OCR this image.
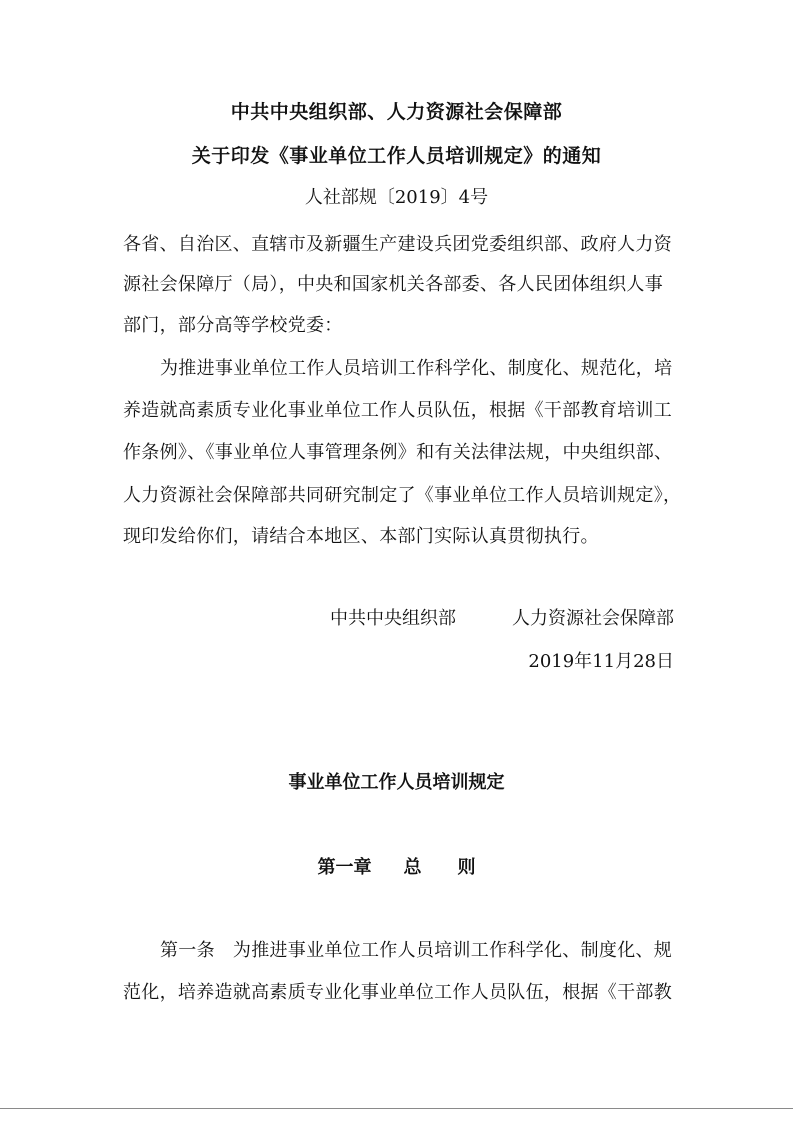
中共中央组织部、人力资源社会保障部
关于印发《事业单位工作人员培训规定》的通知
人社部规〔2019〕4号
各省、自治区、直辖市及新疆生产建设兵团党委组织部、政府人力资
源社会保障厅（局），中央和国家机关各部委、各人民团体组织人事
部门，部分高等学校党委：
为推进事业单位工作人员培训工作科学化、制度化、规范化，培
养造就高素质专业化事业单位工作人员队伍，根据《干部教育培训工
作条例》、《事业单位人事管理条例》和有关法律法规，中央组织部、
人力资源社会保障部共同研究制定了《事业单位工作人员培训规定》，
现印发给你们，请结合本地区、本部门实际认真贯彻执行。
中共中央组织部	人力资源社会保障部
2019年11月28日
事业单位工作人员培训规定
第一章 总 则
第一条 为推进事业单位工作人员培训工作科学化、制度化、规
范化，培养造就高素质专业化事业单位工作人员队伍，根据《干部教
